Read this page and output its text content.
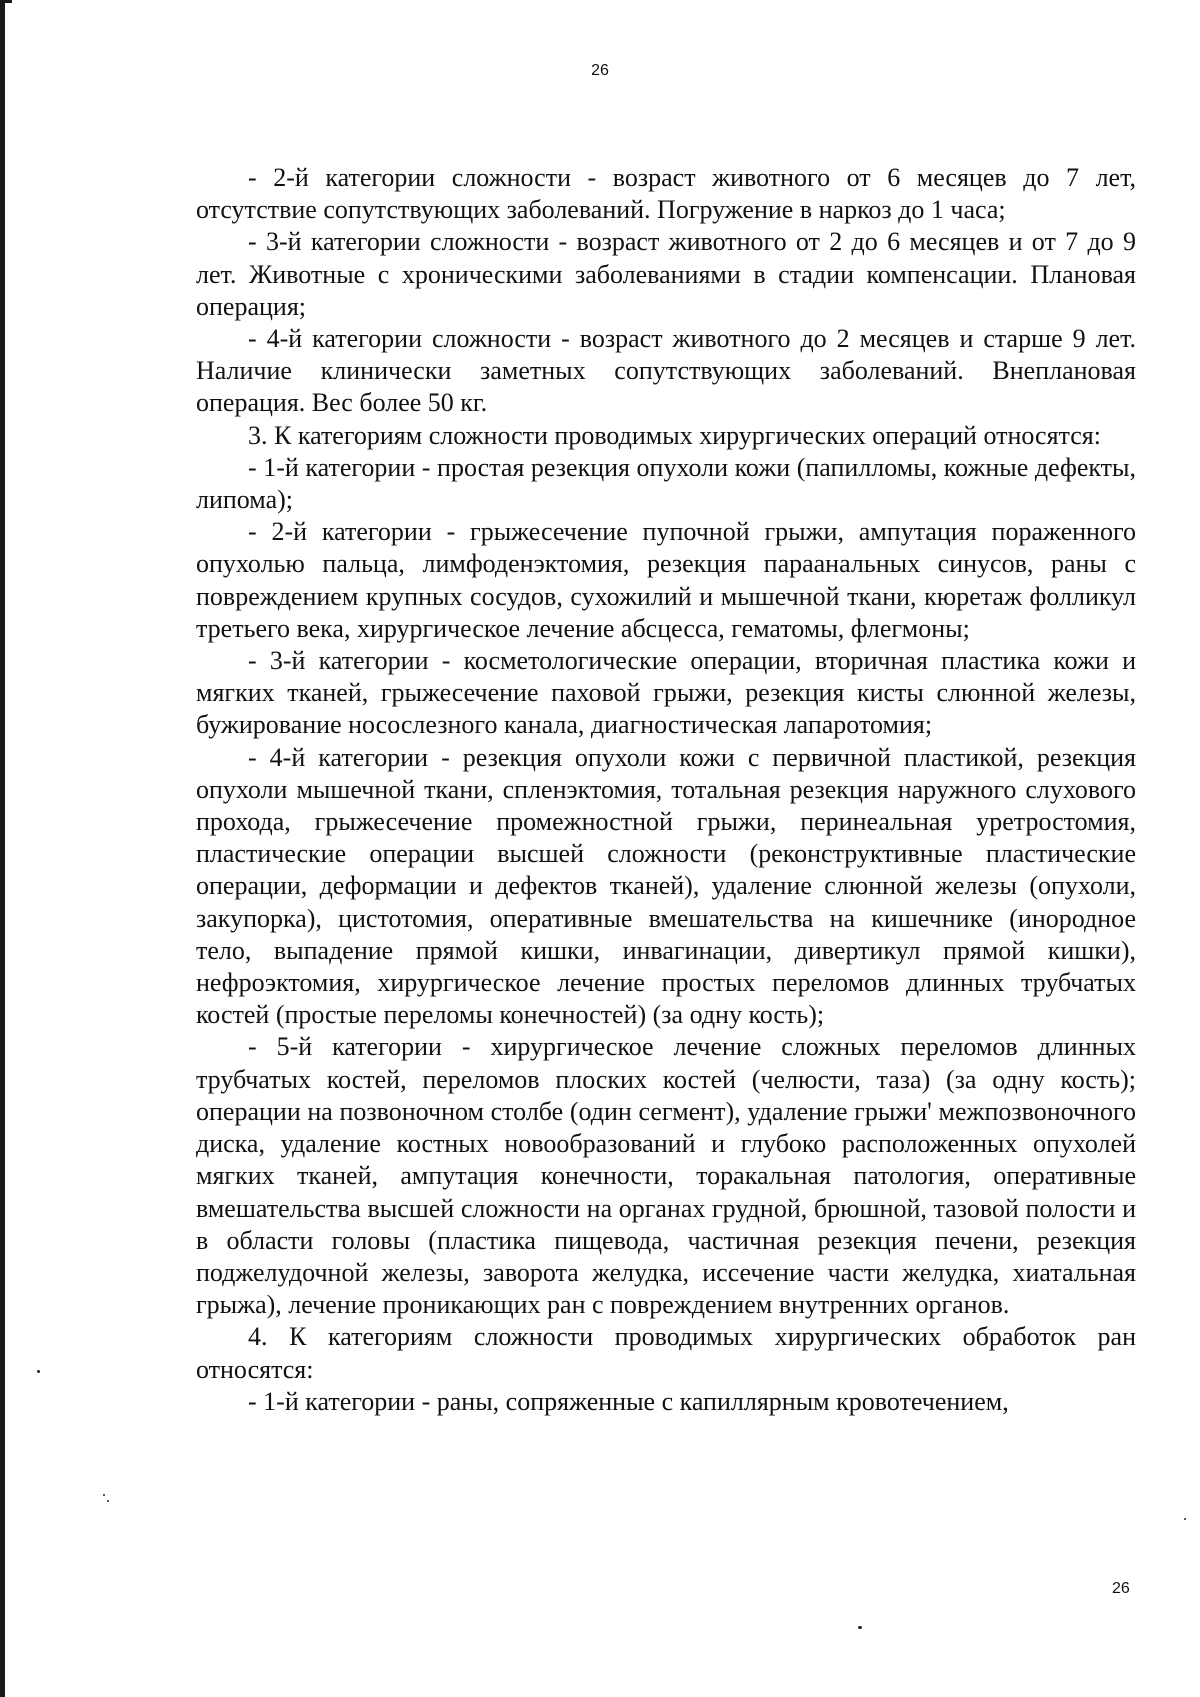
26

- 2-й категории сложности - возраст животного от 6 месяцев до 7 лет, отсутствие сопутствующих заболеваний. Погружение в наркоз до 1 часа;

- 3-й категории сложности - возраст животного от 2 до 6 месяцев и от 7 до 9 лет. Животные с хроническими заболеваниями в стадии компенсации. Плановая операция;

- 4-й категории сложности - возраст животного до 2 месяцев и старше 9 лет. Наличие клинически заметных сопутствующих заболеваний. Внеплановая операция. Вес более 50 кг.

3. К категориям сложности проводимых хирургических операций относятся:

- 1-й категории - простая резекция опухоли кожи (папилломы, кожные дефекты, липома);

- 2-й категории - грыжесечение пупочной грыжи, ампутация пораженного опухолью пальца, лимфоденэктомия, резекция параанальных синусов, раны с повреждением крупных сосудов, сухожилий и мышечной ткани, кюретаж фолликул третьего века, хирургическое лечение абсцесса, гематомы, флегмоны;

- 3-й категории - косметологические операции, вторичная пластика кожи и мягких тканей, грыжесечение паховой грыжи, резекция кисты слюнной железы, бужирование носослезного канала, диагностическая лапаротомия;

- 4-й категории - резекция опухоли кожи с первичной пластикой, резекция опухоли мышечной ткани, спленэктомия, тотальная резекция наружного слухового прохода, грыжесечение промежностной грыжи, перинеальная уретростомия, пластические операции высшей сложности (реконструктивные пластические операции, деформации и дефектов тканей), удаление слюнной железы (опухоли, закупорка), цистотомия, оперативные вмешательства на кишечнике (инородное тело, выпадение прямой кишки, инвагинации, дивертикул прямой кишки), нефроэктомия, хирургическое лечение простых переломов длинных трубчатых костей (простые переломы конечностей) (за одну кость);

- 5-й категории - хирургическое лечение сложных переломов длинных трубчатых костей, переломов плоских костей (челюсти, таза) (за одну кость); операции на позвоночном столбе (один сегмент), удаление грыжи' межпозвоночного диска, удаление костных новообразований и глубоко расположенных опухолей мягких тканей, ампутация конечности, торакальная патология, оперативные вмешательства высшей сложности на органах грудной, брюшной, тазовой полости и в области головы (пластика пищевода, частичная резекция печени, резекция поджелудочной железы, заворота желудка, иссечение части желудка, хиатальная грыжа), лечение проникающих ран с повреждением внутренних органов.

4. К категориям сложности проводимых хирургических обработок ран относятся:

- 1-й категории - раны, сопряженные с капиллярным кровотечением,

26
